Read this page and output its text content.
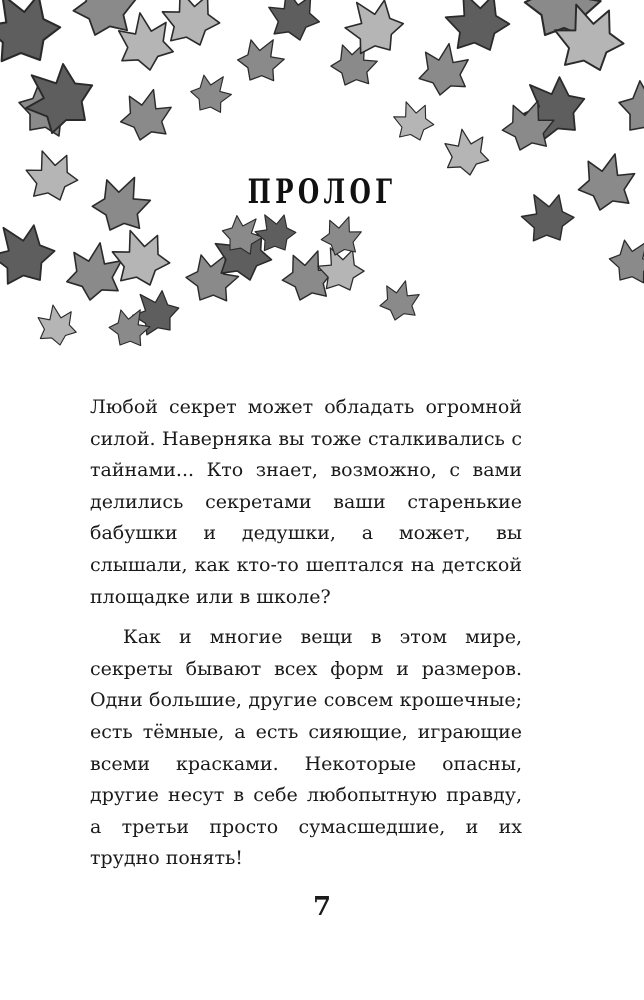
ПРОЛОГ

Любой секрет может обладать огромной силой. Наверняка вы тоже сталкивались с тайнами... Кто знает, возможно, с вами делились секретами ваши старенькие бабушки и дедушки, а может, вы слышали, как кто-то шептался на детской площадке или в школе?

Как и многие вещи в этом мире, секреты бывают всех форм и размеров. Одни большие, другие совсем крошечные; есть тёмные, а есть сияющие, играющие всеми красками. Некоторые опасны, другие несут в себе любопытную правду, а третьи просто сумасшедшие, и их трудно понять!

7
